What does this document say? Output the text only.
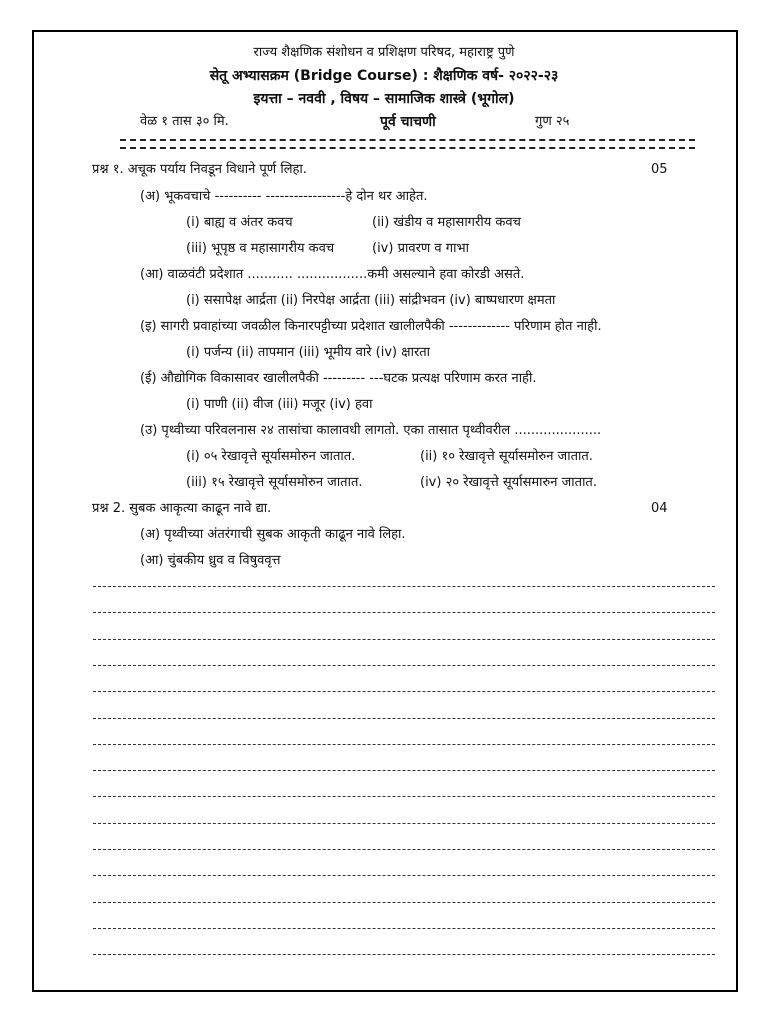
राज्य शैक्षणिक संशोधन व प्रशिक्षण परिषद, महाराष्ट्र पुणे
सेतू अभ्यासक्रम (Bridge Course) : शैक्षणिक वर्ष- २०२२-२३
इयत्ता – नववी , विषय – सामाजिक शास्त्रे (भूगोल)
वेळ १ तास ३० मि.	पूर्व चाचणी	गुण २५
प्रश्न १. अचूक पर्याय निवडून विधाने पूर्ण लिहा.	05
(अ) भूकवचाचे ---------- -----------------हे दोन थर आहेत.
(i) बाह्य व अंतर कवच	(ii) खंडीय व महासागरीय कवच
(iii) भूपृष्ठ व महासागरीय कवच	(iv) प्रावरण व गाभा
(आ) वाळवंटी प्रदेशात ........... .................कमी असल्याने हवा कोरडी असते.
(i) ससापेक्ष आर्द्रता (ii) निरपेक्ष आर्द्रता (iii) सांद्रीभवन (iv) बाष्पधारण क्षमता
(इ) सागरी प्रवाहांच्या जवळील किनारपट्टीच्या प्रदेशात खालीलपैकी ------------- परिणाम होत नाही.
(i) पर्जन्य (ii) तापमान (iii) भूमीय वारे (iv) क्षारता
(ई) औद्योगिक विकासावर खालीलपैकी --------- ---घटक प्रत्यक्ष परिणाम करत नाही.
(i) पाणी (ii) वीज (iii) मजूर (iv) हवा
(उ) पृथ्वीच्या परिवलनास २४ तासांचा कालावधी लागतो. एका तासात पृथ्वीवरील .....................
(i) ०५ रेखावृत्ते सूर्यासमोरुन जातात.	(ii) १० रेखावृत्ते सूर्यासमोरुन जातात.
(iii) १५ रेखावृत्ते सूर्यासमोरुन जातात.	(iv) २० रेखावृत्ते सूर्यासमारुन जातात.
प्रश्न 2. सुबक आकृत्या काढून नावे द्या.	04
(अ) पृथ्वीच्या अंतरंगाची सुबक आकृती काढून नावे लिहा.
(आ) चुंबकीय ध्रुव व विषुववृत्त
